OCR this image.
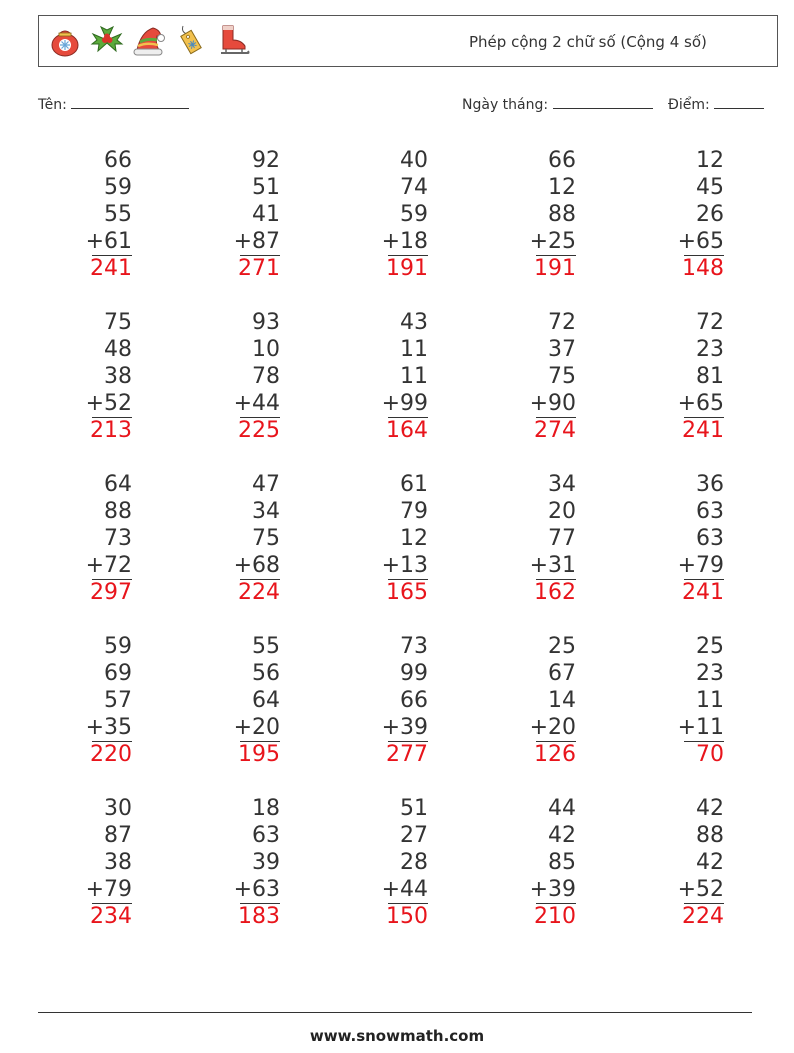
Phép cộng 2 chữ số (Cộng 4 số)
Tên:	Ngày tháng:	Điểm:
66
59
55
+61
241
92
51
41
+87
271
40
74
59
+18
191
66
12
88
+25
191
12
45
26
+65
148
75
48
38
+52
213
93
10
78
+44
225
43
11
11
+99
164
72
37
75
+90
274
72
23
81
+65
241
64
88
73
+72
297
47
34
75
+68
224
61
79
12
+13
165
34
20
77
+31
162
36
63
63
+79
241
59
69
57
+35
220
55
56
64
+20
195
73
99
66
+39
277
25
67
14
+20
126
25
23
11
+11
70
30
87
38
+79
234
18
63
39
+63
183
51
27
28
+44
150
44
42
85
+39
210
42
88
42
+52
224
www.snowmath.com
